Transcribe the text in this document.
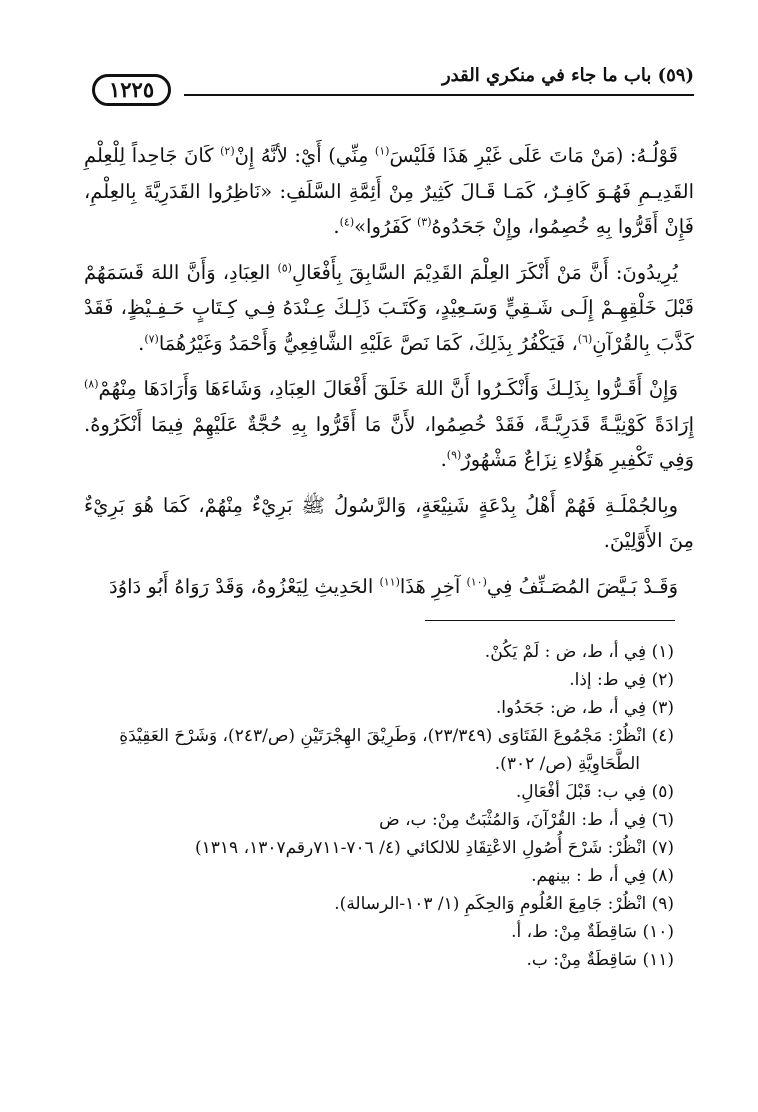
(٥٩) باب ما جاء في منكري القدر
١٢٢٥

قَوْلُـهُ: (مَنْ مَاتَ عَلَى غَيْرِ هَذَا فَلَيْسَ$^{(١)}$ مِنِّي) أَيْ: لأنَّهُ إِنْ$^{(٢)}$ كَانَ جَاحِداً لِلْعِلْمِ القَدِيـمِ فَهُـوَ كَافِـرٌ، كَمَـا قَـالَ كَثِيرٌ مِنْ أَئِمَّةِ السَّلَفِ: «نَاظِرُوا القَدَرِيَّةَ بِالعِلْمِ، فَإِنْ أَقَرُّوا بِهِ خُصِمُوا، وإِنْ جَحَدُوهُ$^{(٣)}$ كَفَرُوا»$^{(٤)}$.

يُرِيدُونَ: أَنَّ مَنْ أَنْكَرَ العِلْمَ القَدِيْمَ السَّابِقَ بِأَفْعَالِ$^{(٥)}$ العِبَادِ، وَأَنَّ اللهَ قَسَمَهُمْ قَبْلَ خَلْقِهِـمْ إِلَـى شَـقِيٍّ وَسَـعِيْدٍ، وَكَتَـبَ ذَلِـكَ عِـنْدَهُ فِـي كِـتَابٍ حَـفِـيْظٍ، فَقَدْ كَذَّبَ بِالقُرْآنِ$^{(٦)}$، فَيَكْفُرُ بِذَلِكَ، كَمَا نَصَّ عَلَيْهِ الشَّافِعِيُّ وَأَحْمَدُ وَغَيْرُهُمَا$^{(٧)}$.

وَإِنْ أَقَـرُّوا بِذَلِـكَ وَأَنْكَـرُوا أَنَّ اللهَ خَلَقَ أَفْعَالَ العِبَادِ، وَشَاءَهَا وَأَرَادَهَا مِنْهُمْ$^{(٨)}$ إِرَادَةً كَوْنِيَّـةً قَدَرِيَّـةً، فَقَدْ خُصِمُوا، لأَنَّ مَا أَقَرُّوا بِهِ حُجَّةٌ عَلَيْهِمْ فِيمَا أَنْكَرُوهُ. وَفِي تَكْفِيرِ هَؤُلاءِ نِزَاعٌ مَشْهُورٌ$^{(٩)}$.

وبِالجُمْلَـةِ فَهُمْ أَهْلُ بِدْعَةٍ شَنِيْعَةٍ، وَالرَّسُولُ ﷺ بَرِيْءٌ مِنْهُمْ، كَمَا هُوَ بَرِيْءٌ مِنَ الأَوَّلِيْنَ.

وَقَـدْ بَـيَّضَ المُصَـنِّفُ فِي$^{(١٠)}$ آخِرِ هَذَا$^{(١١)}$ الحَدِيثِ لِيَعْزُوهُ، وَقَدْ رَوَاهُ أَبُو دَاوُدَ

(١) فِي أ، ط، ض : لَمْ يَكُنْ.

(٢) فِي ط: إذا.

(٣) فِي أ، ط، ض: جَحَدُوا.

(٤) انْظُرْ: مَجْمُوعَ الفَتَاوَى (٢٣/٣٤٩)، وَطَرِيْقَ الهِجْرَتَيْنِ (ص/٢٤٣)، وَشَرْحَ العَقِيْدَةِ الطَّحَاوِيَّةِ (ص/ ٣٠٢).

(٥) فِي ب: قَبْلَ أفْعَالِ.

(٦) فِي أ، ط: القُرْآنَ، وَالمُثْبَتُ مِنْ: ب، ض

(٧) انْظُرْ: شَرْحَ أُصُولِ الاعْتِقَادِ للالكائي (٤/ ٧٠٦-٧١١رقم١٣٠٧، ١٣١٩)

(٨) فِي أ، ط : بينهم.

(٩) انْظُرْ: جَامِعَ العُلُومِ وَالحِكَمِ (١/ ١٠٣-الرسالة).

(١٠) سَاقِطَةٌ مِنْ: ط، أ.

(١١) سَاقِطَةٌ مِنْ: ب.
